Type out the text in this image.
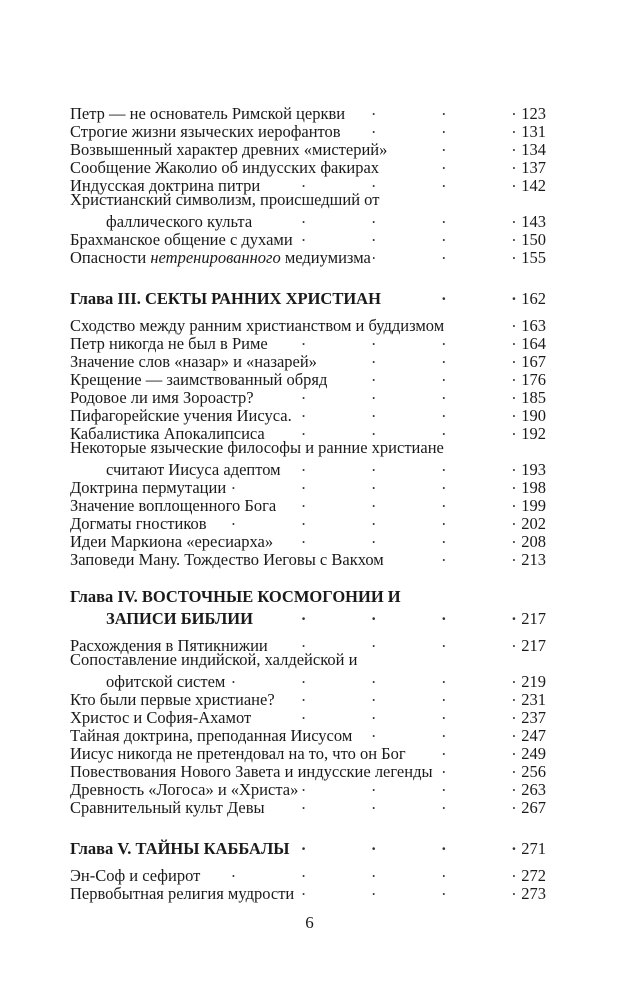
Петр — не основатель Римской церкви .	123
Строгие жизни языческих иерофантов .	131
Возвышенный характер древних «мистерий» .	134
Сообщение Жаколио об индусских факирах .	137
Индусская доктрина питри .	142
Христианский символизм, происшедший от
фаллического культа .	143
Брахманское общение с духами .	150
Опасности нетренированного медиумизма .	155
Глава III. СЕКТЫ РАННИХ ХРИСТИАН .	162
Сходство между ранним христианством и буддизмом .	163
Петр никогда не был в Риме .	164
Значение слов «назар» и «назарей» .	167
Крещение — заимствованный обряд .	176
Родовое ли имя Зороастр? .	185
Пифагорейские учения Иисуса. .	190
Кабалистика Апокалипсиса .	192
Некоторые языческие философы и ранние христиане
считают Иисуса адептом .	193
Доктрина пермутации .	198
Значение воплощенного Бога .	199
Догматы гностиков .	202
Идеи Маркиона «ересиарха» .	208
Заповеди Ману. Тождество Иеговы с Вакхом .	213
Глава IV. ВОСТОЧНЫЕ КОСМОГОНИИ И
ЗАПИСИ БИБЛИИ .	217
Расхождения в Пятикнижии .	217
Сопоставление индийской, халдейской и
офитской систем .	219
Кто были первые христиане? .	231
Христос и София-Ахамот .	237
Тайная доктрина, преподанная Иисусом .	247
Иисус никогда не претендовал на то, что он Бог .	249
Повествования Нового Завета и индусские легенды .	256
Древность «Логоса» и «Христа» .	263
Сравнительный культ Девы .	267
Глава V. ТАЙНЫ КАББАЛЫ .	271
Эн-Соф и сефирот .	272
Первобытная религия мудрости .	273
6
